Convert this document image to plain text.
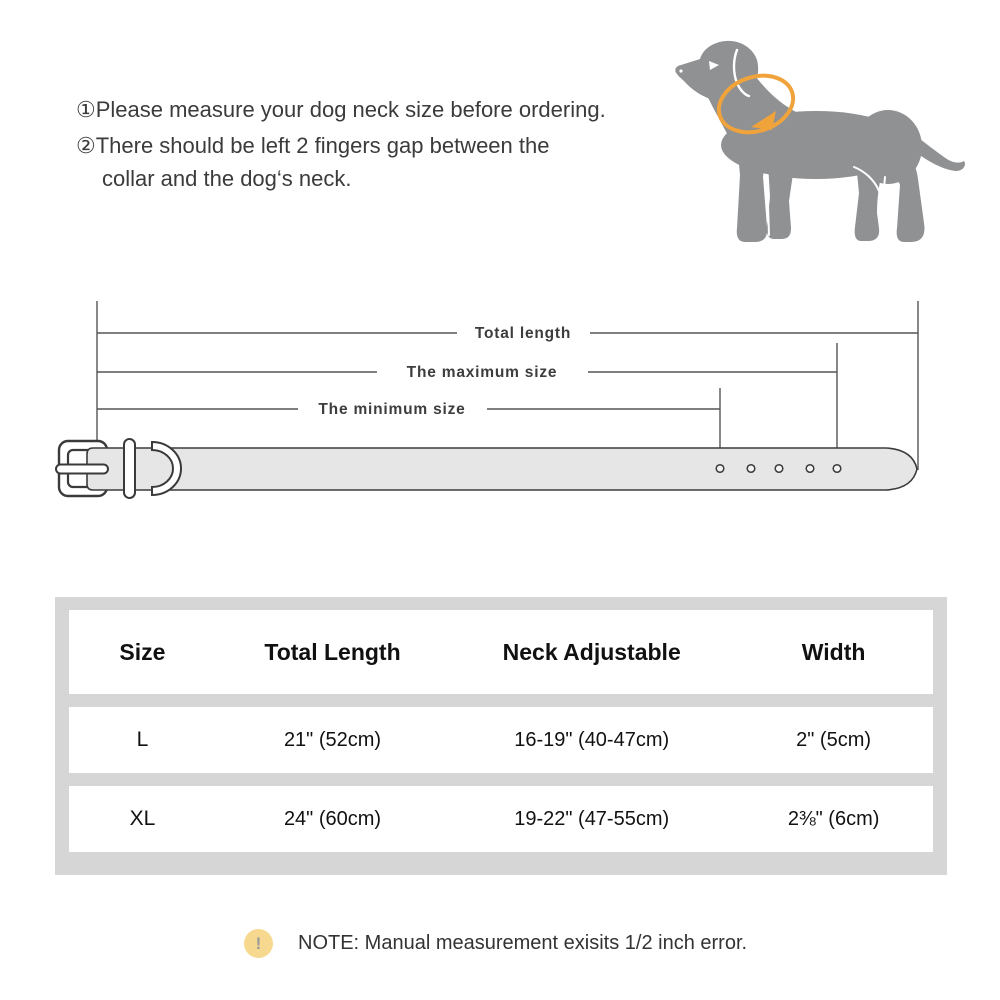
①Please measure your dog neck size before ordering.
②There should be left 2 fingers gap between the
collar and the dog‘s neck.
Total length
The maximum size
The minimum size
Size	Total Length	Neck Adjustable	Width
L	21" (52cm)	16-19" (40-47cm)	2" (5cm)
XL	24" (60cm)	19-22" (47-55cm)	2⅜" (6cm)
!	NOTE: Manual measurement exisits 1/2 inch error.
